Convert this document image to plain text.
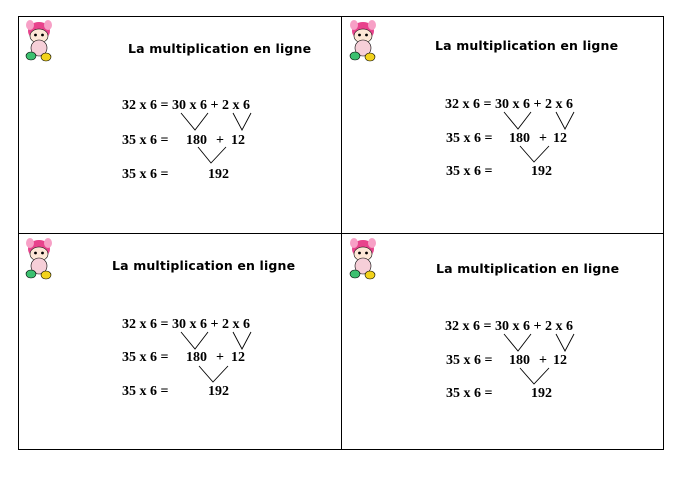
La multiplication en ligne
32 x 6 = 30 x 6 + 2 x 6
35 x 6 = 180 + 12
35 x 6 =	192
La multiplication en ligne
32 x 6 = 30 x 6 + 2 x 6
35 x 6 = 180 + 12
35 x 6 =	192
La multiplication en ligne
32 x 6 = 30 x 6 + 2 x 6
35 x 6 = 180 + 12
35 x 6 =	192
La multiplication en ligne
32 x 6 = 30 x 6 + 2 x 6
35 x 6 = 180 + 12
35 x 6 =	192
